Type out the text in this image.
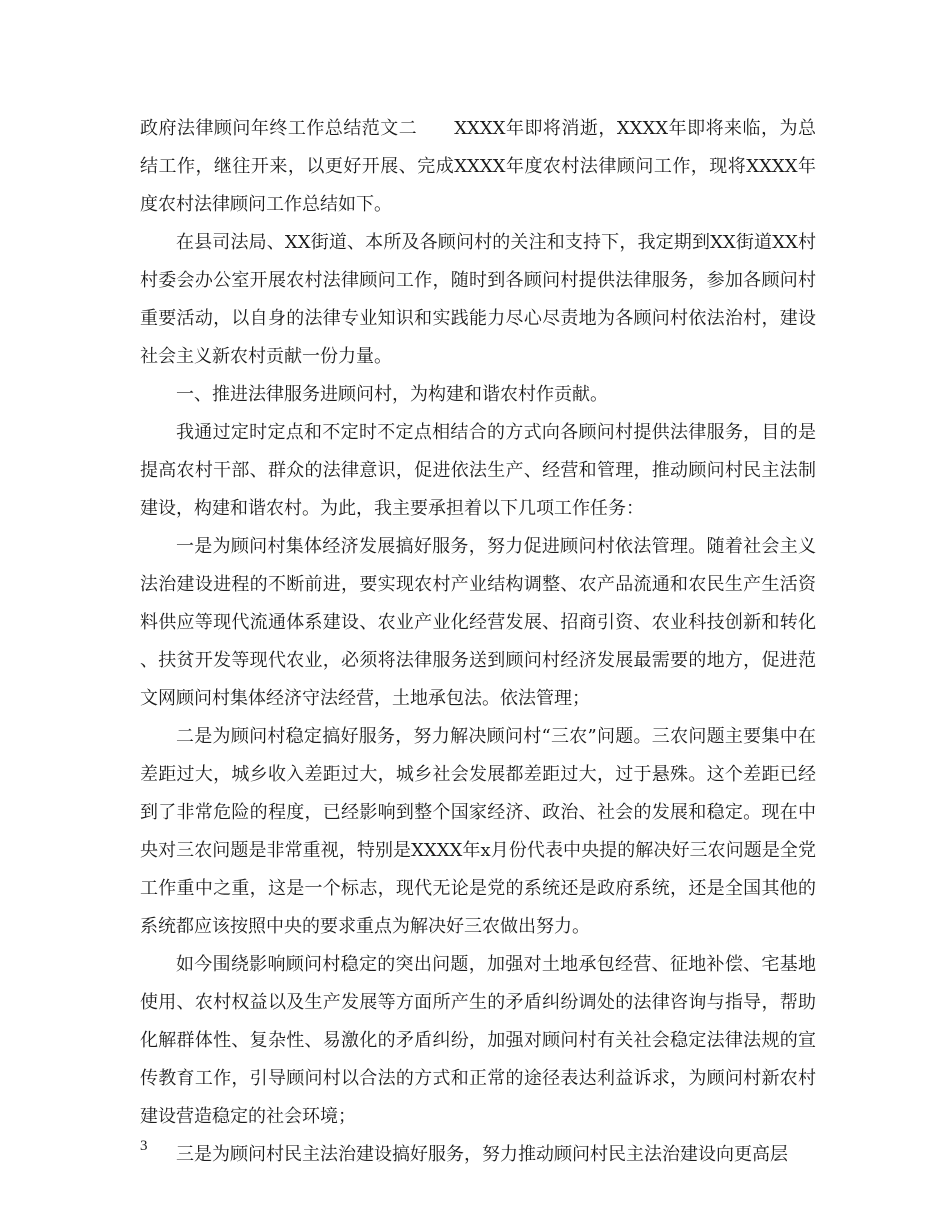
政府法律顾问年终工作总结范文二　　XXXX年即将消逝，XXXX年即将来临，为总结工作，继往开来，以更好开展、完成XXXX年度农村法律顾问工作，现将XXXX年度农村法律顾问工作总结如下。

在县司法局、XX街道、本所及各顾问村的关注和支持下，我定期到XX街道XX村村委会办公室开展农村法律顾问工作，随时到各顾问村提供法律服务，参加各顾问村重要活动，以自身的法律专业知识和实践能力尽心尽责地为各顾问村依法治村，建设社会主义新农村贡献一份力量。

一、推进法律服务进顾问村，为构建和谐农村作贡献。

我通过定时定点和不定时不定点相结合的方式向各顾问村提供法律服务，目的是提高农村干部、群众的法律意识，促进依法生产、经营和管理，推动顾问村民主法制建设，构建和谐农村。为此，我主要承担着以下几项工作任务：

一是为顾问村集体经济发展搞好服务，努力促进顾问村依法管理。随着社会主义法治建设进程的不断前进，要实现农村产业结构调整、农产品流通和农民生产生活资料供应等现代流通体系建设、农业产业化经营发展、招商引资、农业科技创新和转化、扶贫开发等现代农业，必须将法律服务送到顾问村经济发展最需要的地方，促进范文网顾问村集体经济守法经营，土地承包法。依法管理；

二是为顾问村稳定搞好服务，努力解决顾问村“三农”问题。三农问题主要集中在差距过大，城乡收入差距过大，城乡社会发展都差距过大，过于悬殊。这个差距已经到了非常危险的程度，已经影响到整个国家经济、政治、社会的发展和稳定。现在中央对三农问题是非常重视，特别是XXXX年x月份代表中央提的解决好三农问题是全党工作重中之重，这是一个标志，现代无论是党的系统还是政府系统，还是全国其他的系统都应该按照中央的要求重点为解决好三农做出努力。

如今围绕影响顾问村稳定的突出问题，加强对土地承包经营、征地补偿、宅基地使用、农村权益以及生产发展等方面所产生的矛盾纠纷调处的法律咨询与指导，帮助化解群体性、复杂性、易激化的矛盾纠纷，加强对顾问村有关社会稳定法律法规的宣传教育工作，引导顾问村以合法的方式和正常的途径表达利益诉求，为顾问村新农村建设营造稳定的社会环境；

三是为顾问村民主法治建设搞好服务，努力推动顾问村民主法治建设向更高层

3
